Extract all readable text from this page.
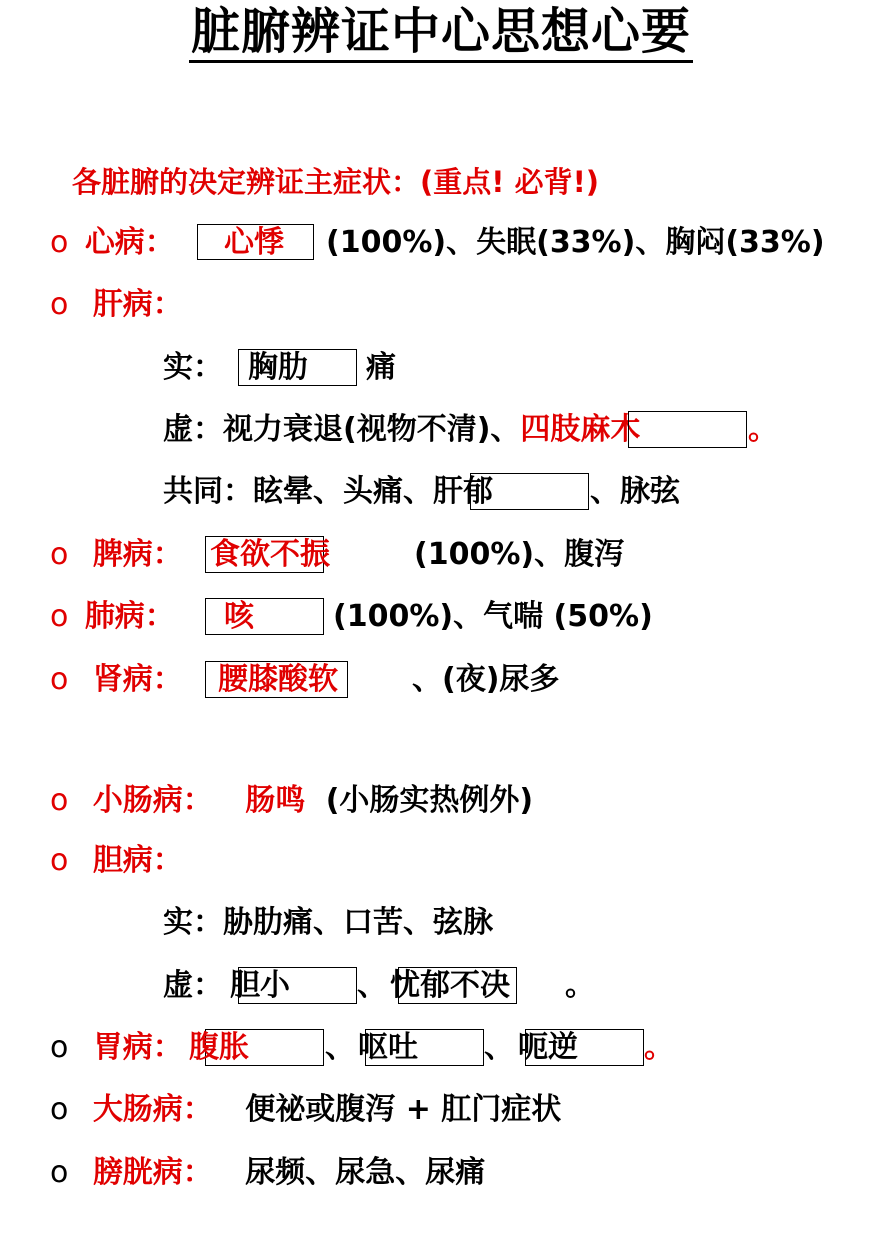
脏腑辨证中心思想心要
各脏腑的决定辨证主症状：(重点! 必背!)
o 心病： 心悸 (100%)、失眠(33%)、胸闷(33%)
o 肝病：
实： 胸肋 痛
虚：视力衰退(视物不清)、四肢麻木	。
共同：眩晕、头痛、肝郁	、脉弦
o 脾病： 食欲不振	(100%)、腹泻
o 肺病： 咳	(100%)、气喘 (50%)
o 肾病： 腰膝酸软 、(夜)尿多
o 小肠病： 肠鸣 (小肠实热例外)
o 胆病：
实：胁肋痛、口苦、弦脉
虚： 胆小 、 忧郁不决 。
o 胃病： 腹胀	、 呕吐 、 呃逆 。
o 大肠病： 便祕或腹泻 + 肛门症状
o 膀胱病： 尿频、尿急、尿痛
